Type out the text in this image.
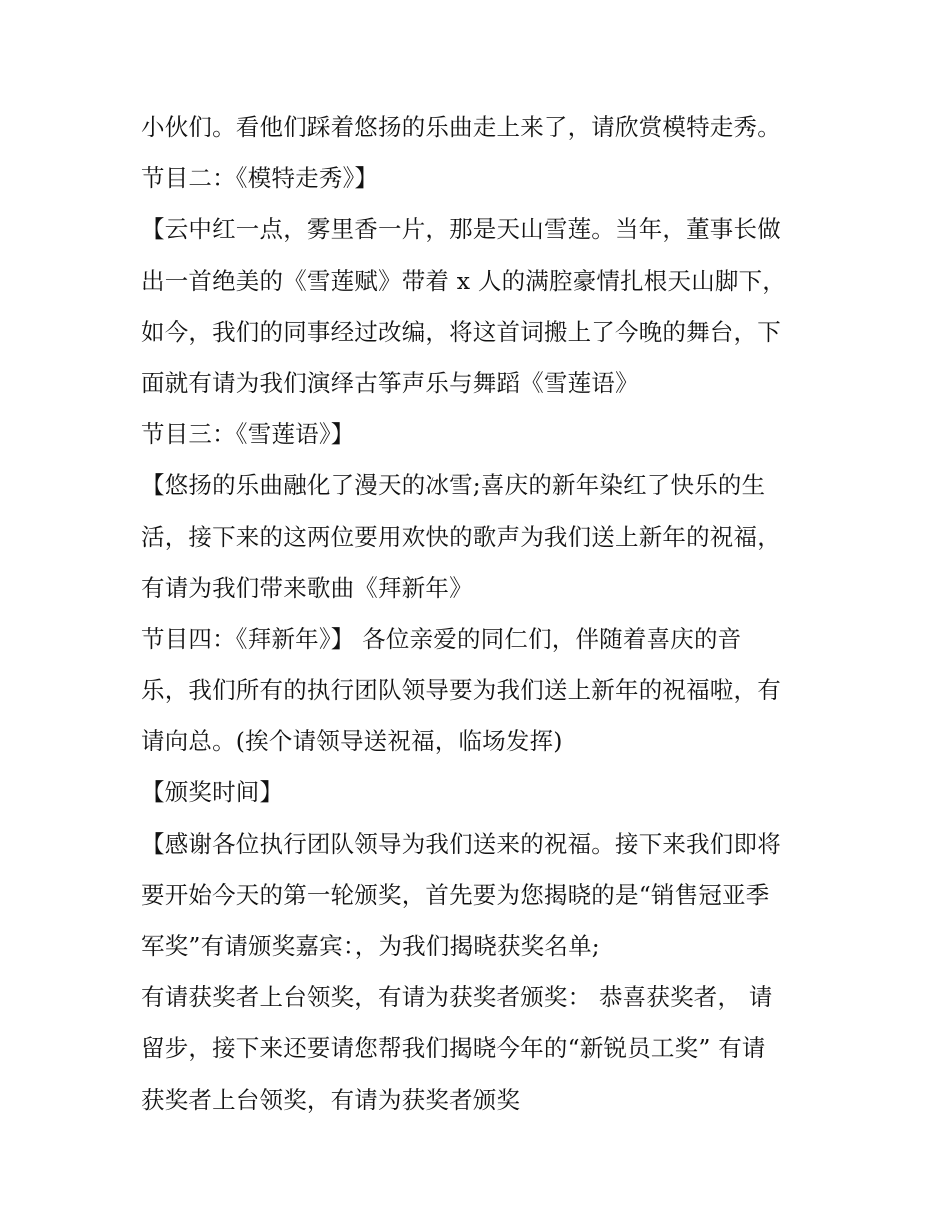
小伙们。看他们踩着悠扬的乐曲走上来了，请欣赏模特走秀。
节目二：《模特走秀》】
【云中红一点，雾里香一片，那是天山雪莲。当年，董事长做
出一首绝美的《雪莲赋》带着 x 人的满腔豪情扎根天山脚下，
如今，我们的同事经过改编，将这首词搬上了今晚的舞台，下
面就有请为我们演绎古筝声乐与舞蹈《雪莲语》
节目三：《雪莲语》】
【悠扬的乐曲融化了漫天的冰雪;喜庆的新年染红了快乐的生
活，接下来的这两位要用欢快的歌声为我们送上新年的祝福，
有请为我们带来歌曲《拜新年》
节目四：《拜新年》】 各位亲爱的同仁们，伴随着喜庆的音
乐，我们所有的执行团队领导要为我们送上新年的祝福啦，有
请向总。(挨个请领导送祝福，临场发挥)
【颁奖时间】
【感谢各位执行团队领导为我们送来的祝福。接下来我们即将
要开始今天的第一轮颁奖，首先要为您揭晓的是“销售冠亚季
军奖”有请颁奖嘉宾：，为我们揭晓获奖名单;
有请获奖者上台领奖，有请为获奖者颁奖： 恭喜获奖者， 请
留步，接下来还要请您帮我们揭晓今年的“新锐员工奖” 有请
获奖者上台领奖，有请为获奖者颁奖
